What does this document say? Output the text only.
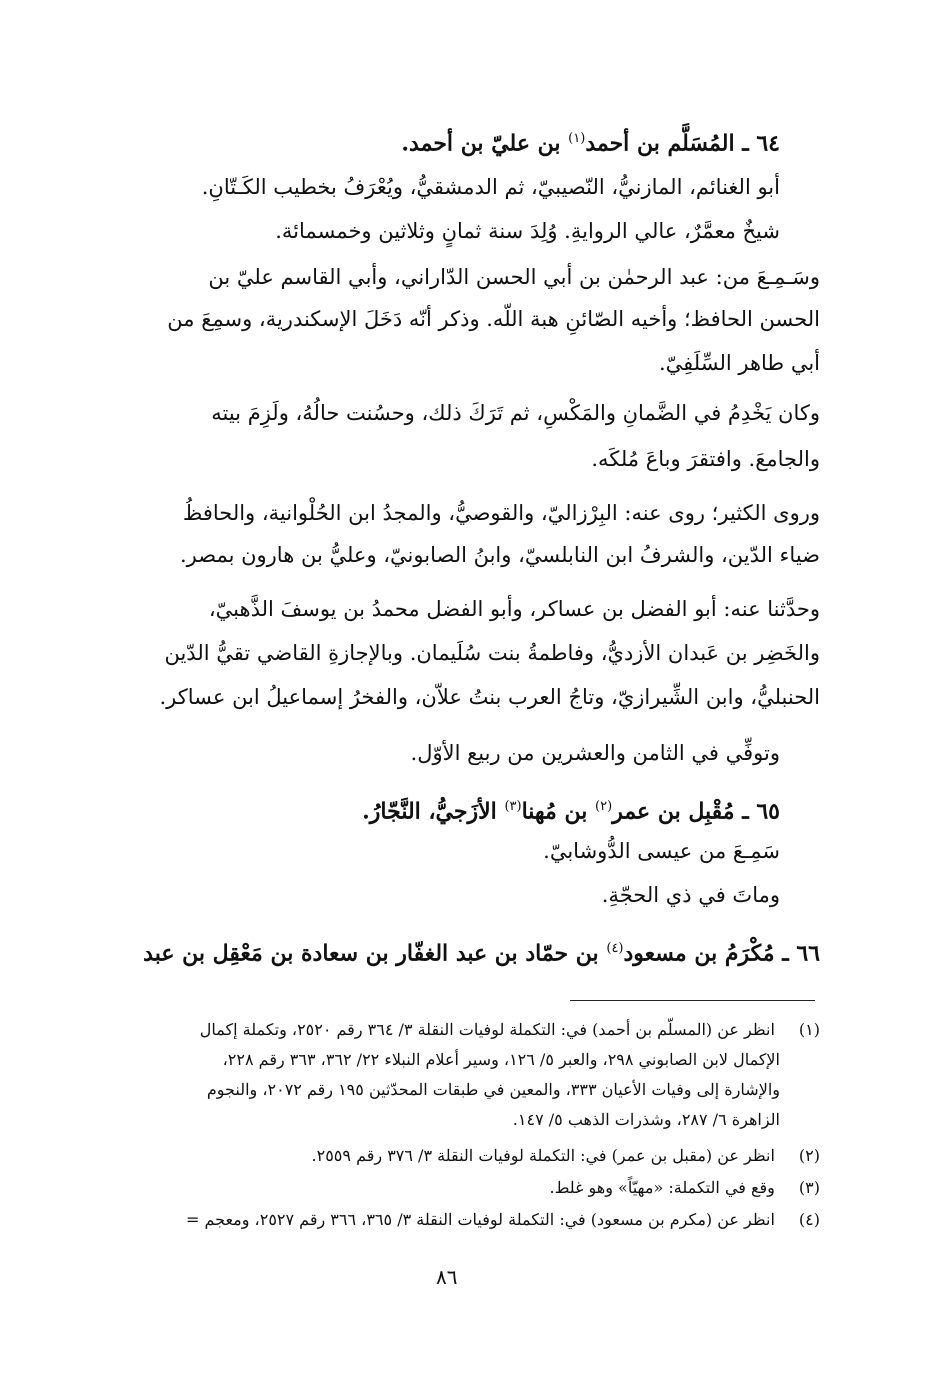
٦٤ ـ المُسَلَّم بن أحمد$^{(١)}$ بن عليّ بن أحمد.
أبو الغنائم، المازنيُّ، النّصيبيّ، ثم الدمشقيُّ، ويُعْرَفُ بخطيب الكَـتّانِ.
شيخٌ معمَّرٌ، عالي الروايةِ. وُلِدَ سنة ثمانٍ وثلاثين وخمسمائة.
وسَـمِـعَ من: عبد الرحمٰن بن أبي الحسن الدّاراني، وأبي القاسم عليّ بن
الحسن الحافظ؛ وأخيه الصّائنِ هبة اللّه. وذكر أنّه دَخَلَ الإسكندرية، وسمِعَ من
أبي طاهر السِّلَفِيّ.
وكان يَخْدِمُ في الضَّمانِ والمَكْسِ، ثم تَرَكَ ذلك، وحسُنت حالُهُ، ولَزِمَ بيته
والجامعَ. وافتقرَ وباعَ مُلكَه.
وروى الكثير؛ روى عنه: البِرْزاليّ، والقوصيُّ، والمجدُ ابن الحُلْوانية، والحافظُ
ضياء الدّين، والشرفُ ابن النابلسيّ، وابنُ الصابونيّ، وعليُّ بن هارون بمصر.
وحدَّثنا عنه: أبو الفضل بن عساكر، وأبو الفضل محمدُ بن يوسفَ الذَّهبيّ،
والخَضِر بن عَبدان الأزديُّ، وفاطمةُ بنت سُلَيمان. وبالإجازةِ القاضي تقيُّ الدّين
الحنبليُّ، وابن الشِّيرازيّ، وتاجُ العرب بنتُ علاّن، والفخرُ إسماعيلُ ابن عساكر.
وتوفِّي في الثامن والعشرين من ربيع الأوّل.
٦٥ ـ مُقْبِل بن عمر$^{(٢)}$ بن مُهنا$^{(٣)}$ الأزَجيُّ، النَّجّارُ.
سَمِـعَ من عيسى الدُّوشابيّ.
وماتَ في ذي الحجّةِ.
٦٦ ـ مُكْرَمُ بن مسعود$^{(٤)}$ بن حمّاد بن عبد الغفّار بن سعادة بن مَعْقِل بن عبد
(١) انظر عن (المسلّم بن أحمد) في: التكملة لوفيات النقلة ٣/ ٣٦٤ رقم ٢٥٢٠، وتكملة إكمال
الإكمال لابن الصابوني ٢٩٨، والعبر ٥/ ١٢٦، وسير أعلام النبلاء ٢٢/ ٣٦٢، ٣٦٣ رقم ٢٢٨،
والإشارة إلى وفيات الأعيان ٣٣٣، والمعين في طبقات المحدّثين ١٩٥ رقم ٢٠٧٢، والنجوم
الزاهرة ٦/ ٢٨٧، وشذرات الذهب ٥/ ١٤٧.
(٢) انظر عن (مقبل بن عمر) في: التكملة لوفيات النقلة ٣/ ٣٧٦ رقم ٢٥٥٩.
(٣) وقع في التكملة: «مهيّاً» وهو غلط.
(٤) انظر عن (مكرم بن مسعود) في: التكملة لوفيات النقلة ٣/ ٣٦٥، ٣٦٦ رقم ٢٥٢٧، ومعجم =
٨٦
